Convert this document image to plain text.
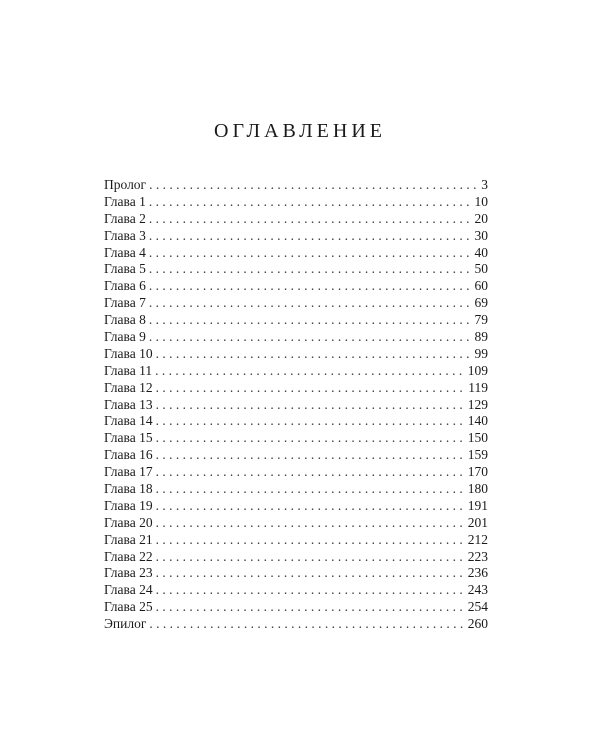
ОГЛАВЛЕНИЕ
Пролог . . .	3
Глава 1 . . .	10
Глава 2 . . .	20
Глава 3 . . .	30
Глава 4 . . .	40
Глава 5 . . .	50
Глава 6 . . .	60
Глава 7 . . .	69
Глава 8 . . .	79
Глава 9 . . .	89
Глава 10 . . .	99
Глава 11 . . .	109
Глава 12 . . .	119
Глава 13 . . .	129
Глава 14 . . .	140
Глава 15 . . .	150
Глава 16 . . .	159
Глава 17 . . .	170
Глава 18 . . .	180
Глава 19 . . .	191
Глава 20 . . .	201
Глава 21 . . .	212
Глава 22 . . .	223
Глава 23 . . .	236
Глава 24 . . .	243
Глава 25 . . .	254
Эпилог . . .	260
